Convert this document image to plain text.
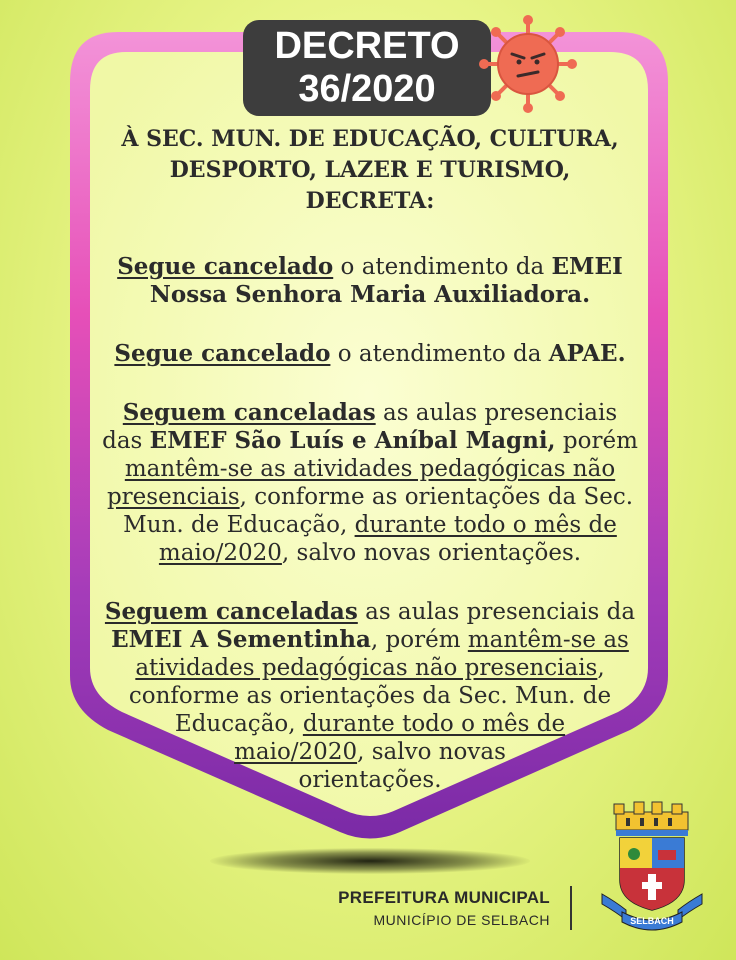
DECRETO
36/2020
À SEC. MUN. DE EDUCAÇÃO, CULTURA,
DESPORTO, LAZER E TURISMO,
DECRETA:
Segue cancelado o atendimento da EMEI
Nossa Senhora Maria Auxiliadora.
Segue cancelado o atendimento da APAE.
Seguem canceladas as aulas presenciais
das EMEF São Luís e Aníbal Magni, porém
mantêm-se as atividades pedagógicas não
presenciais, conforme as orientações da Sec.
Mun. de Educação, durante todo o mês de
maio/2020, salvo novas orientações.
Seguem canceladas as aulas presenciais da
EMEI A Sementinha, porém mantêm-se as
atividades pedagógicas não presenciais,
conforme as orientações da Sec. Mun. de
Educação, durante todo o mês de
maio/2020, salvo novas
orientações.
PREFEITURA MUNICIPAL
MUNICÍPIO DE SELBACH	SELBACH
